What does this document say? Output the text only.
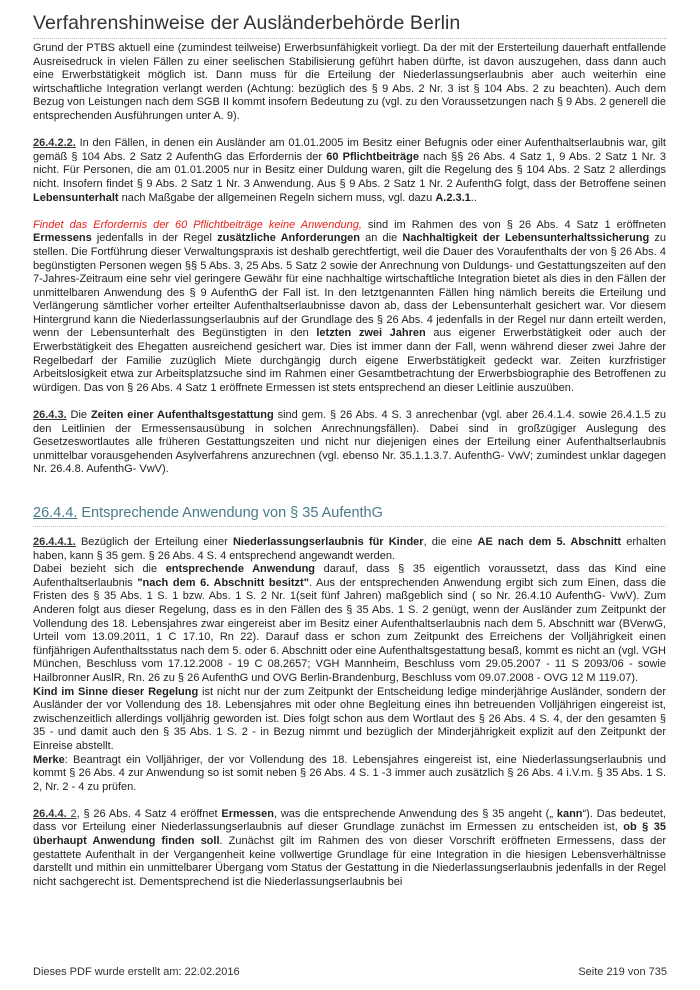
Verfahrenshinweise der Ausländerbehörde Berlin

Grund der PTBS aktuell eine (zumindest teilweise) Erwerbsunfähigkeit vorliegt. Da der mit der Ersterteilung dauerhaft entfallende Ausreisedruck in vielen Fällen zu einer seelischen Stabilisierung geführt haben dürfte, ist davon auszugehen, dass dann auch eine Erwerbstätigkeit möglich ist. Dann muss für die Erteilung der Niederlassungserlaubnis aber auch weiterhin eine wirtschaftliche Integration verlangt werden (Achtung: bezüglich des § 9 Abs. 2 Nr. 3 ist § 104 Abs. 2 zu beachten). Auch dem Bezug von Leistungen nach dem SGB II kommt insofern Bedeutung zu (vgl. zu den Voraussetzungen nach § 9 Abs. 2 generell die entsprechenden Ausführungen unter A. 9).

26.4.2.2. In den Fällen, in denen ein Ausländer am 01.01.2005 im Besitz einer Befugnis oder einer Aufenthaltserlaubnis war, gilt gemäß § 104 Abs. 2 Satz 2 AufenthG das Erfordernis der 60 Pflichtbeiträge nach §§ 26 Abs. 4 Satz 1, 9 Abs. 2 Satz 1 Nr. 3 nicht. Für Personen, die am 01.01.2005 nur in Besitz einer Duldung waren, gilt die Regelung des § 104 Abs. 2 Satz 2 allerdings nicht. Insofern findet § 9 Abs. 2 Satz 1 Nr. 3 Anwendung. Aus § 9 Abs. 2 Satz 1 Nr. 2 AufenthG folgt, dass der Betroffene seinen Lebensunterhalt nach Maßgabe der allgemeinen Regeln sichern muss, vgl. dazu A.2.3.1..

Findet das Erfordernis der 60 Pflichtbeiträge keine Anwendung, sind im Rahmen des von § 26 Abs. 4 Satz 1 eröffneten Ermessens jedenfalls in der Regel zusätzliche Anforderungen an die Nachhaltigkeit der Lebensunterhaltssicherung zu stellen. Die Fortführung dieser Verwaltungspraxis ist deshalb gerechtfertigt, weil die Dauer des Voraufenthalts der von § 26 Abs. 4 begünstigten Personen wegen §§ 5 Abs. 3, 25 Abs. 5 Satz 2 sowie der Anrechnung von Duldungs- und Gestattungszeiten auf den 7-Jahres-Zeitraum eine sehr viel geringere Gewähr für eine nachhaltige wirtschaftliche Integration bietet als dies in den Fällen der unmittelbaren Anwendung des § 9 AufenthG der Fall ist. In den letztgenannten Fällen hing nämlich bereits die Erteilung und Verlängerung sämtlicher vorher erteilter Aufenthaltserlaubnisse davon ab, dass der Lebensunterhalt gesichert war. Vor diesem Hintergrund kann die Niederlassungserlaubnis auf der Grundlage des § 26 Abs. 4 jedenfalls in der Regel nur dann erteilt werden, wenn der Lebensunterhalt des Begünstigten in den letzten zwei Jahren aus eigener Erwerbstätigkeit oder auch der Erwerbstätigkeit des Ehegatten ausreichend gesichert war. Dies ist immer dann der Fall, wenn während dieser zwei Jahre der Regelbedarf der Familie zuzüglich Miete durchgängig durch eigene Erwerbstätigkeit gedeckt war. Zeiten kurzfristiger Arbeitslosigkeit etwa zur Arbeitsplatzsuche sind im Rahmen einer Gesamtbetrachtung der Erwerbsbiographie des Betroffenen zu würdigen. Das von § 26 Abs. 4 Satz 1 eröffnete Ermessen ist stets entsprechend an dieser Leitlinie auszuüben.

26.4.3. Die Zeiten einer Aufenthaltsgestattung sind gem. § 26 Abs. 4 S. 3 anrechenbar (vgl. aber 26.4.1.4. sowie 26.4.1.5 zu den Leitlinien der Ermessensausübung in solchen Anrechnungsfällen). Dabei sind in großzügiger Auslegung des Gesetzeswortlautes alle früheren Gestattungszeiten und nicht nur diejenigen eines der Erteilung einer Aufenthaltserlaubnis unmittelbar vorausgehenden Asylverfahrens anzurechnen (vgl. ebenso Nr. 35.1.1.3.7. AufenthG- VwV; zumindest unklar dagegen Nr. 26.4.8. AufenthG- VwV).

26.4.4. Entsprechende Anwendung von § 35 AufenthG

26.4.4.1. Bezüglich der Erteilung einer Niederlassungserlaubnis für Kinder, die eine AE nach dem 5. Abschnitt erhalten haben, kann § 35 gem. § 26 Abs. 4 S. 4 entsprechend angewandt werden.

Dabei bezieht sich die entsprechende Anwendung darauf, dass § 35 eigentlich voraussetzt, dass das Kind eine Aufenthaltserlaubnis "nach dem 6. Abschnitt besitzt". Aus der entsprechenden Anwendung ergibt sich zum Einen, dass die Fristen des § 35 Abs. 1 S. 1 bzw. Abs. 1 S. 2 Nr. 1(seit fünf Jahren) maßgeblich sind ( so Nr. 26.4.10 AufenthG- VwV). Zum Anderen folgt aus dieser Regelung, dass es in den Fällen des § 35 Abs. 1 S. 2 genügt, wenn der Ausländer zum Zeitpunkt der Vollendung des 18. Lebensjahres zwar eingereist aber im Besitz einer Aufenthaltserlaubnis nach dem 5. Abschnitt war (BVerwG, Urteil vom 13.09.2011, 1 C 17.10, Rn 22). Darauf dass er schon zum Zeitpunkt des Erreichens der Volljährigkeit einen fünfjährigen Aufenthaltsstatus nach dem 5. oder 6. Abschnitt oder eine Aufenthaltsgestattung besaß, kommt es nicht an (vgl. VGH München, Beschluss vom 17.12.2008 - 19 C 08.2657; VGH Mannheim, Beschluss vom 29.05.2007 - 11 S 2093/06 - sowie Hailbronner AuslR, Rn. 26 zu § 26 AufenthG und OVG Berlin-Brandenburg, Beschluss vom 09.07.2008 - OVG 12 M 119.07).

Kind im Sinne dieser Regelung ist nicht nur der zum Zeitpunkt der Entscheidung ledige minderjährige Ausländer, sondern der Ausländer der vor Vollendung des 18. Lebensjahres mit oder ohne Begleitung eines ihn betreuenden Volljährigen eingereist ist, zwischenzeitlich allerdings volljährig geworden ist. Dies folgt schon aus dem Wortlaut des § 26 Abs. 4 S. 4, der den gesamten § 35 - und damit auch den § 35 Abs. 1 S. 2 - in Bezug nimmt und bezüglich der Minderjährigkeit explizit auf den Zeitpunkt der Einreise abstellt.

Merke: Beantragt ein Volljähriger, der vor Vollendung des 18. Lebensjahres eingereist ist, eine Niederlassungserlaubnis und kommt § 26 Abs. 4 zur Anwendung so ist somit neben § 26 Abs. 4 S. 1 -3 immer auch zusätzlich § 26 Abs. 4 i.V.m. § 35 Abs. 1 S. 2, Nr. 2 - 4 zu prüfen.

26.4.4. 2, § 26 Abs. 4 Satz 4 eröffnet Ermessen, was die entsprechende Anwendung des § 35 angeht („ kann“). Das bedeutet, dass vor Erteilung einer Niederlassungserlaubnis auf dieser Grundlage zunächst im Ermessen zu entscheiden ist, ob § 35 überhaupt Anwendung finden soll. Zunächst gilt im Rahmen des von dieser Vorschrift eröffneten Ermessens, dass der gestattete Aufenthalt in der Vergangenheit keine vollwertige Grundlage für eine Integration in die hiesigen Lebensverhältnisse darstellt und mithin ein unmittelbarer Übergang vom Status der Gestattung in die Niederlassungserlaubnis jedenfalls in der Regel nicht sachgerecht ist. Dementsprechend ist die Niederlassungserlaubnis bei

Dieses PDF wurde erstellt am: 22.02.2016	Seite 219 von 735
